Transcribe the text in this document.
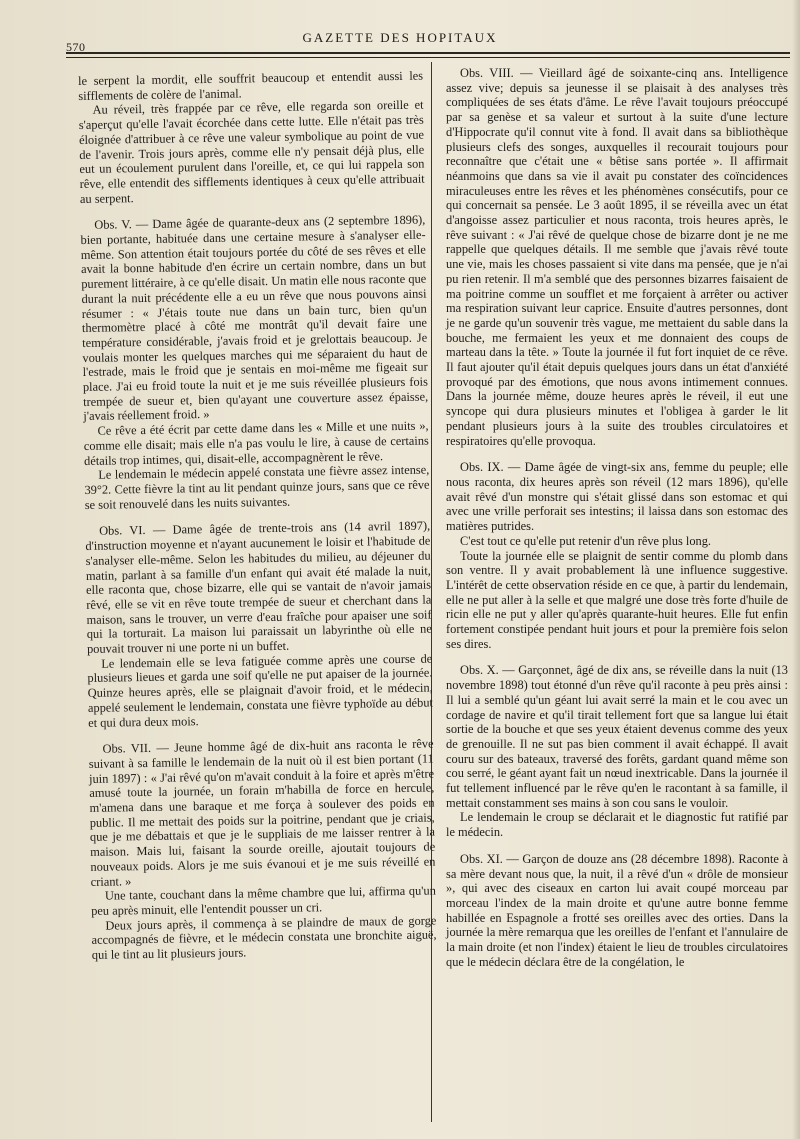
570
GAZETTE DES HOPITAUX

le serpent la mordit, elle souffrit beaucoup et entendit aussi les sifflements de colère de l'animal.

Au réveil, très frappée par ce rêve, elle regarda son oreille et s'aperçut qu'elle l'avait écorchée dans cette lutte. Elle n'était pas très éloignée d'attribuer à ce rêve une valeur symbolique au point de vue de l'avenir. Trois jours après, comme elle n'y pensait déjà plus, elle eut un écoulement purulent dans l'oreille, et, ce qui lui rappela son rêve, elle entendit des sifflements identiques à ceux qu'elle attribuait au serpent.

Obs. V. — Dame âgée de quarante-deux ans (2 septembre 1896), bien portante, habituée dans une certaine mesure à s'analyser elle-même. Son attention était toujours portée du côté de ses rêves et elle avait la bonne habitude d'en écrire un certain nombre, dans un but purement littéraire, à ce qu'elle disait. Un matin elle nous raconte que durant la nuit précédente elle a eu un rêve que nous pouvons ainsi résumer : « J'étais toute nue dans un bain turc, bien qu'un thermomètre placé à côté me montrât qu'il devait faire une température considérable, j'avais froid et je grelottais beaucoup. Je voulais monter les quelques marches qui me séparaient du haut de l'estrade, mais le froid que je sentais en moi-même me figeait sur place. J'ai eu froid toute la nuit et je me suis réveillée plusieurs fois trempée de sueur et, bien qu'ayant une couverture assez épaisse, j'avais réellement froid. »

Ce rêve a été écrit par cette dame dans les « Mille et une nuits », comme elle disait; mais elle n'a pas voulu le lire, à cause de certains détails trop intimes, qui, disait-elle, accompagnèrent le rêve.

Le lendemain le médecin appelé constata une fièvre assez intense, 39°2. Cette fièvre la tint au lit pendant quinze jours, sans que ce rêve se soit renouvelé dans les nuits suivantes.

Obs. VI. — Dame âgée de trente-trois ans (14 avril 1897), d'instruction moyenne et n'ayant aucunement le loisir et l'habitude de s'analyser elle-même. Selon les habitudes du milieu, au déjeuner du matin, parlant à sa famille d'un enfant qui avait été malade la nuit, elle raconta que, chose bizarre, elle qui se vantait de n'avoir jamais rêvé, elle se vit en rêve toute trempée de sueur et cherchant dans la maison, sans le trouver, un verre d'eau fraîche pour apaiser une soif qui la torturait. La maison lui paraissait un labyrinthe où elle ne pouvait trouver ni une porte ni un buffet.

Le lendemain elle se leva fatiguée comme après une course de plusieurs lieues et garda une soif qu'elle ne put apaiser de la journée. Quinze heures après, elle se plaignait d'avoir froid, et le médecin, appelé seulement le lendemain, constata une fièvre typhoïde au début et qui dura deux mois.

Obs. VII. — Jeune homme âgé de dix-huit ans raconta le rêve suivant à sa famille le lendemain de la nuit où il est bien portant (11 juin 1897) : « J'ai rêvé qu'on m'avait conduit à la foire et après m'être amusé toute la journée, un forain m'habilla de force en hercule, m'amena dans une baraque et me força à soulever des poids en public. Il me mettait des poids sur la poitrine, pendant que je criais, que je me débattais et que je le suppliais de me laisser rentrer à la maison. Mais lui, faisant la sourde oreille, ajoutait toujours de nouveaux poids. Alors je me suis évanoui et je me suis réveillé en criant. »

Une tante, couchant dans la même chambre que lui, affirma qu'un peu après minuit, elle l'entendit pousser un cri.

Deux jours après, il commença à se plaindre de maux de gorge accompagnés de fièvre, et le médecin constata une bronchite aiguë, qui le tint au lit plusieurs jours.

Obs. VIII. — Vieillard âgé de soixante-cinq ans. Intelligence assez vive; depuis sa jeunesse il se plaisait à des analyses très compliquées de ses états d'âme. Le rêve l'avait toujours préoccupé par sa genèse et sa valeur et surtout à la suite d'une lecture d'Hippocrate qu'il connut vite à fond. Il avait dans sa bibliothèque plusieurs clefs des songes, auxquelles il recourait toujours pour reconnaître que c'était une « bêtise sans portée ». Il affirmait néanmoins que dans sa vie il avait pu constater des coïncidences miraculeuses entre les rêves et les phénomènes consécutifs, pour ce qui concernait sa pensée. Le 3 août 1895, il se réveilla avec un état d'angoisse assez particulier et nous raconta, trois heures après, le rêve suivant : « J'ai rêvé de quelque chose de bizarre dont je ne me rappelle que quelques détails. Il me semble que j'avais rêvé toute une vie, mais les choses passaient si vite dans ma pensée, que je n'ai pu rien retenir. Il m'a semblé que des personnes bizarres faisaient de ma poitrine comme un soufflet et me forçaient à arrêter ou activer ma respiration suivant leur caprice. Ensuite d'autres personnes, dont je ne garde qu'un souvenir très vague, me mettaient du sable dans la bouche, me fermaient les yeux et me donnaient des coups de marteau dans la tête. » Toute la journée il fut fort inquiet de ce rêve. Il faut ajouter qu'il était depuis quelques jours dans un état d'anxiété provoqué par des émotions, que nous avons intimement connues. Dans la journée même, douze heures après le réveil, il eut une syncope qui dura plusieurs minutes et l'obligea à garder le lit pendant plusieurs jours à la suite des troubles circulatoires et respiratoires qu'elle provoqua.

Obs. IX. — Dame âgée de vingt-six ans, femme du peuple; elle nous raconta, dix heures après son réveil (12 mars 1896), qu'elle avait rêvé d'un monstre qui s'était glissé dans son estomac et qui avec une vrille perforait ses intestins; il laissa dans son estomac des matières putrides.

C'est tout ce qu'elle put retenir d'un rêve plus long.

Toute la journée elle se plaignit de sentir comme du plomb dans son ventre. Il y avait probablement là une influence suggestive. L'intérêt de cette observation réside en ce que, à partir du lendemain, elle ne put aller à la selle et que malgré une dose très forte d'huile de ricin elle ne put y aller qu'après quarante-huit heures. Elle fut enfin fortement constipée pendant huit jours et pour la première fois selon ses dires.

Obs. X. — Garçonnet, âgé de dix ans, se réveille dans la nuit (13 novembre 1898) tout étonné d'un rêve qu'il raconte à peu près ainsi : Il lui a semblé qu'un géant lui avait serré la main et le cou avec un cordage de navire et qu'il tirait tellement fort que sa langue lui était sortie de la bouche et que ses yeux étaient devenus comme des yeux de grenouille. Il ne sut pas bien comment il avait échappé. Il avait couru sur des bateaux, traversé des forêts, gardant quand même son cou serré, le géant ayant fait un nœud inextricable. Dans la journée il fut tellement influencé par le rêve qu'en le racontant à sa famille, il mettait constamment ses mains à son cou sans le vouloir.

Le lendemain le croup se déclarait et le diagnostic fut ratifié par le médecin.

Obs. XI. — Garçon de douze ans (28 décembre 1898). Raconte à sa mère devant nous que, la nuit, il a rêvé d'un « drôle de monsieur », qui avec des ciseaux en carton lui avait coupé morceau par morceau l'index de la main droite et qu'une autre bonne femme habillée en Espagnole a frotté ses oreilles avec des orties. Dans la journée la mère remarqua que les oreilles de l'enfant et l'annulaire de la main droite (et non l'index) étaient le lieu de troubles circulatoires que le médecin déclara être de la congélation, le
